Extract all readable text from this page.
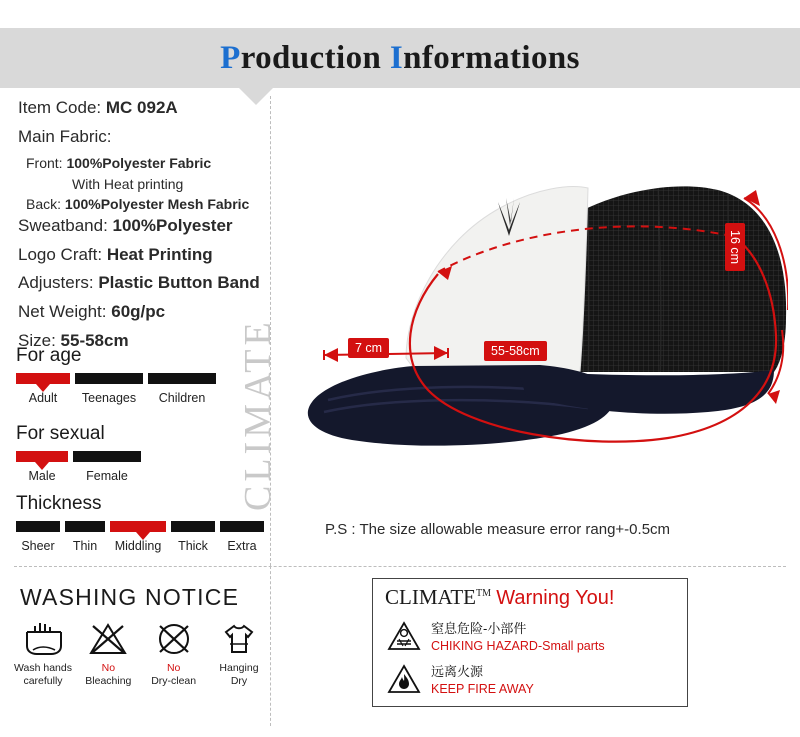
Production Informations
Item Code: MC 092A
Main Fabric:
Front: 100%Polyester Fabric
With Heat printing
Back: 100%Polyester Mesh Fabric
Sweatband: 100%Polyester
Logo Craft: Heat Printing
Adjusters: Plastic Button Band
Net Weight: 60g/pc
Size: 55-58cm
For age
Adult	Teenages	Children
For sexual
Male	Female
Thickness
Sheer	Thin	Middling	Thick	Extra
CLIMATE	7 cm	55-58cm
16 cm
P.S : The size allowable measure error rang+-0.5cm
WASHING NOTICE
Wash hands
carefully
No
Bleaching
No
Dry-clean
Hanging
Dry
CLIMATE™ Warning You!
窒息危险-小部件
CHIKING HAZARD-Small parts
远离火源
KEEP FIRE AWAY
